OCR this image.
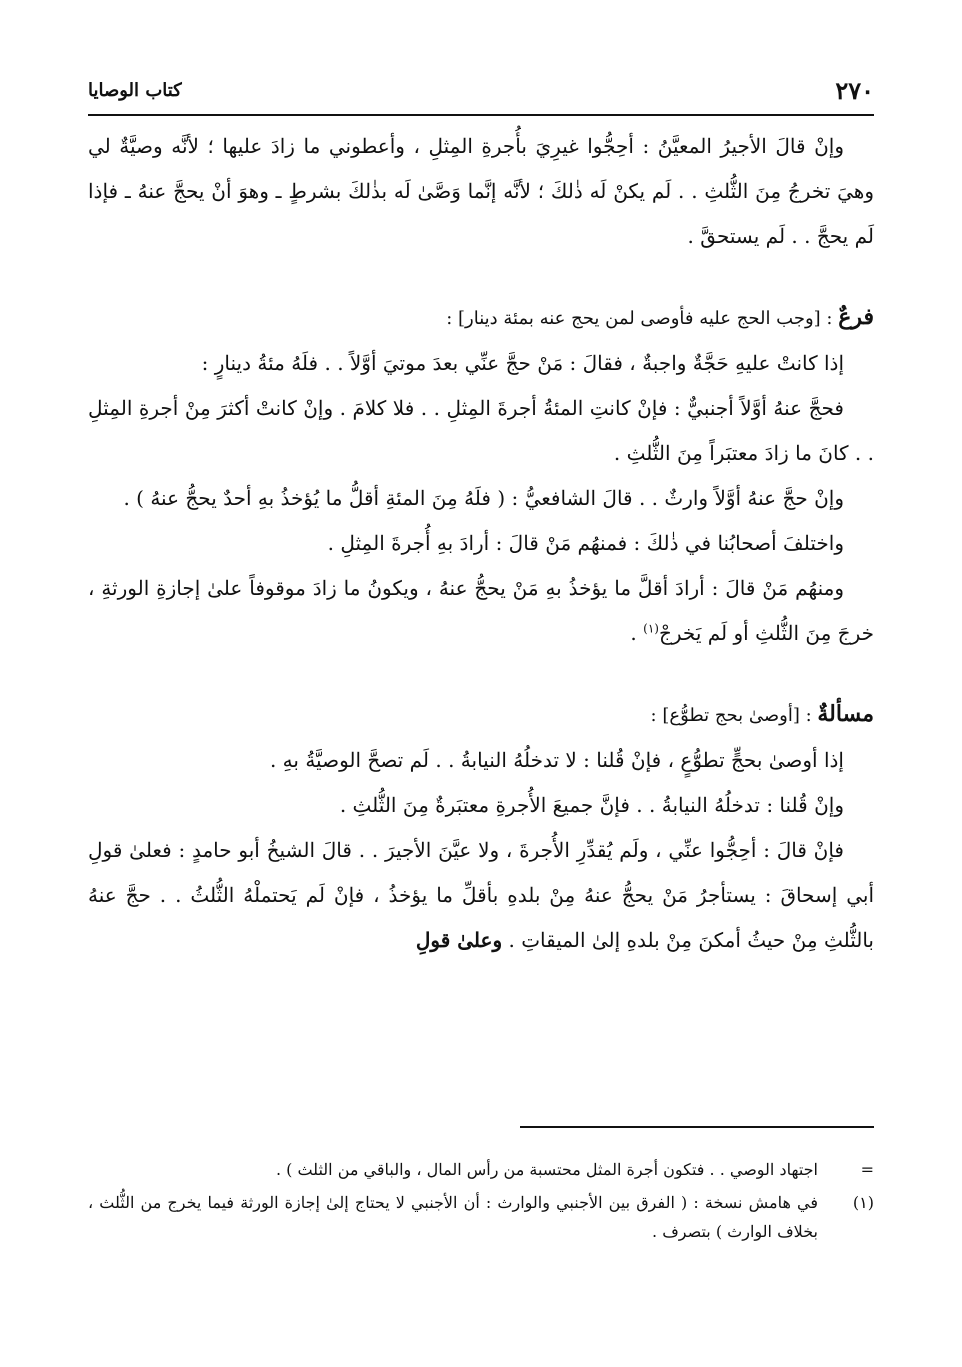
٢٧٠
كتاب الوصايا

وإنْ قالَ الأجيرُ المعيَّنُ : أحِجُّوا غيرِيَ بأُجرةِ المِثلِ ، وأعطوني ما زادَ عليها ؛ لأنَّه وصيَّةٌ لي وهيَ تخرجُ مِنَ الثُّلثِ . . لَم يكنْ لَه ذٰلكَ ؛ لأنَّه إنَّما وَصَّىٰ لَه بذٰلكَ بشرطٍ ـ وهوَ أنْ يحجَّ عنهُ ـ فإذا لَم يحجَّ . . لَم يستحقَّ .

فرعٌ : [وجب الحج عليه فأوصى لمن يحج عنه بمئة دينار] :

إذا كانتْ عليهِ حَجَّةٌ واجبةٌ ، فقالَ : مَنْ حجَّ عنِّي بعدَ موتيَ أوَّلاً . . فلَهُ مئةُ دينارٍ :

فحجَّ عنهُ أوَّلاً أجنبيٌّ : فإنْ كانتِ المئةُ أجرةَ المِثلِ . . فلا كلامَ . وإنْ كانتْ أكثرَ مِنْ أجرةِ المِثلِ . . كانَ ما زادَ معتبَراً مِنَ الثُّلثِ .

وإنْ حجَّ عنهُ أوَّلاً وارثٌ . . قالَ الشافعيُّ : ( فلَهُ مِنَ المئةِ أقلُّ ما يُؤخذُ بهِ أحدٌ يحجُّ عنهُ ) .

واختلفَ أصحابُنا في ذٰلكَ : فمنهُم مَنْ قالَ : أرادَ بهِ أُجرةَ المِثلِ .

ومنهُم مَنْ قالَ : أرادَ أقلَّ ما يؤخذُ بهِ مَنْ يحجُّ عنهُ ، ويكونُ ما زادَ موقوفاً علىٰ إجازةِ الورثةِ ، خرجَ مِنَ الثُّلثِ أو لَم يَخرجْ$^{(١)}$ .

مسألةٌ : [أوصىٰ بحج تطوُّع] :

إذا أوصىٰ بحجٍّ تطوُّعٍ ، فإنْ قُلنا : لا تدخلُهُ النيابةُ . . لَم تصحَّ الوصيَّةُ بهِ .

وإنْ قُلنا : تدخلُهُ النيابةُ . . فإنَّ جميعَ الأُجرةِ معتبَرةٌ مِنَ الثُّلثِ .

فإنْ قالَ : أحِجُّوا عنِّي ، ولَم يُقدِّرِ الأُجرةَ ، ولا عيَّنَ الأجيرَ . . قالَ الشيخُ أبو حامدٍ : فعلىٰ قولِ أبي إسحاقَ : يستأجرُ مَنْ يحجُّ عنهُ مِنْ بلدهِ بأقلِّ ما يؤخذُ ، فإنْ لَم يَحتملْهُ الثُّلثُ . . حجَّ عنهُ بالثُّلثِ مِنْ حيثُ أمكنَ مِنْ بلدهِ إلىٰ الميقاتِ . وعلىٰ قولِ

=
اجتهاد الوصي . . فتكون أجرة المثل محتسبة من رأس المال ، والباقي من الثلث ) .
(١)
في هامش نسخة : ( الفرق بين الأجنبي والوارث : أن الأجنبي لا يحتاج إلىٰ إجازة الورثة فيما يخرج من الثُّلث ، بخلاف الوارث ) بتصرف .
